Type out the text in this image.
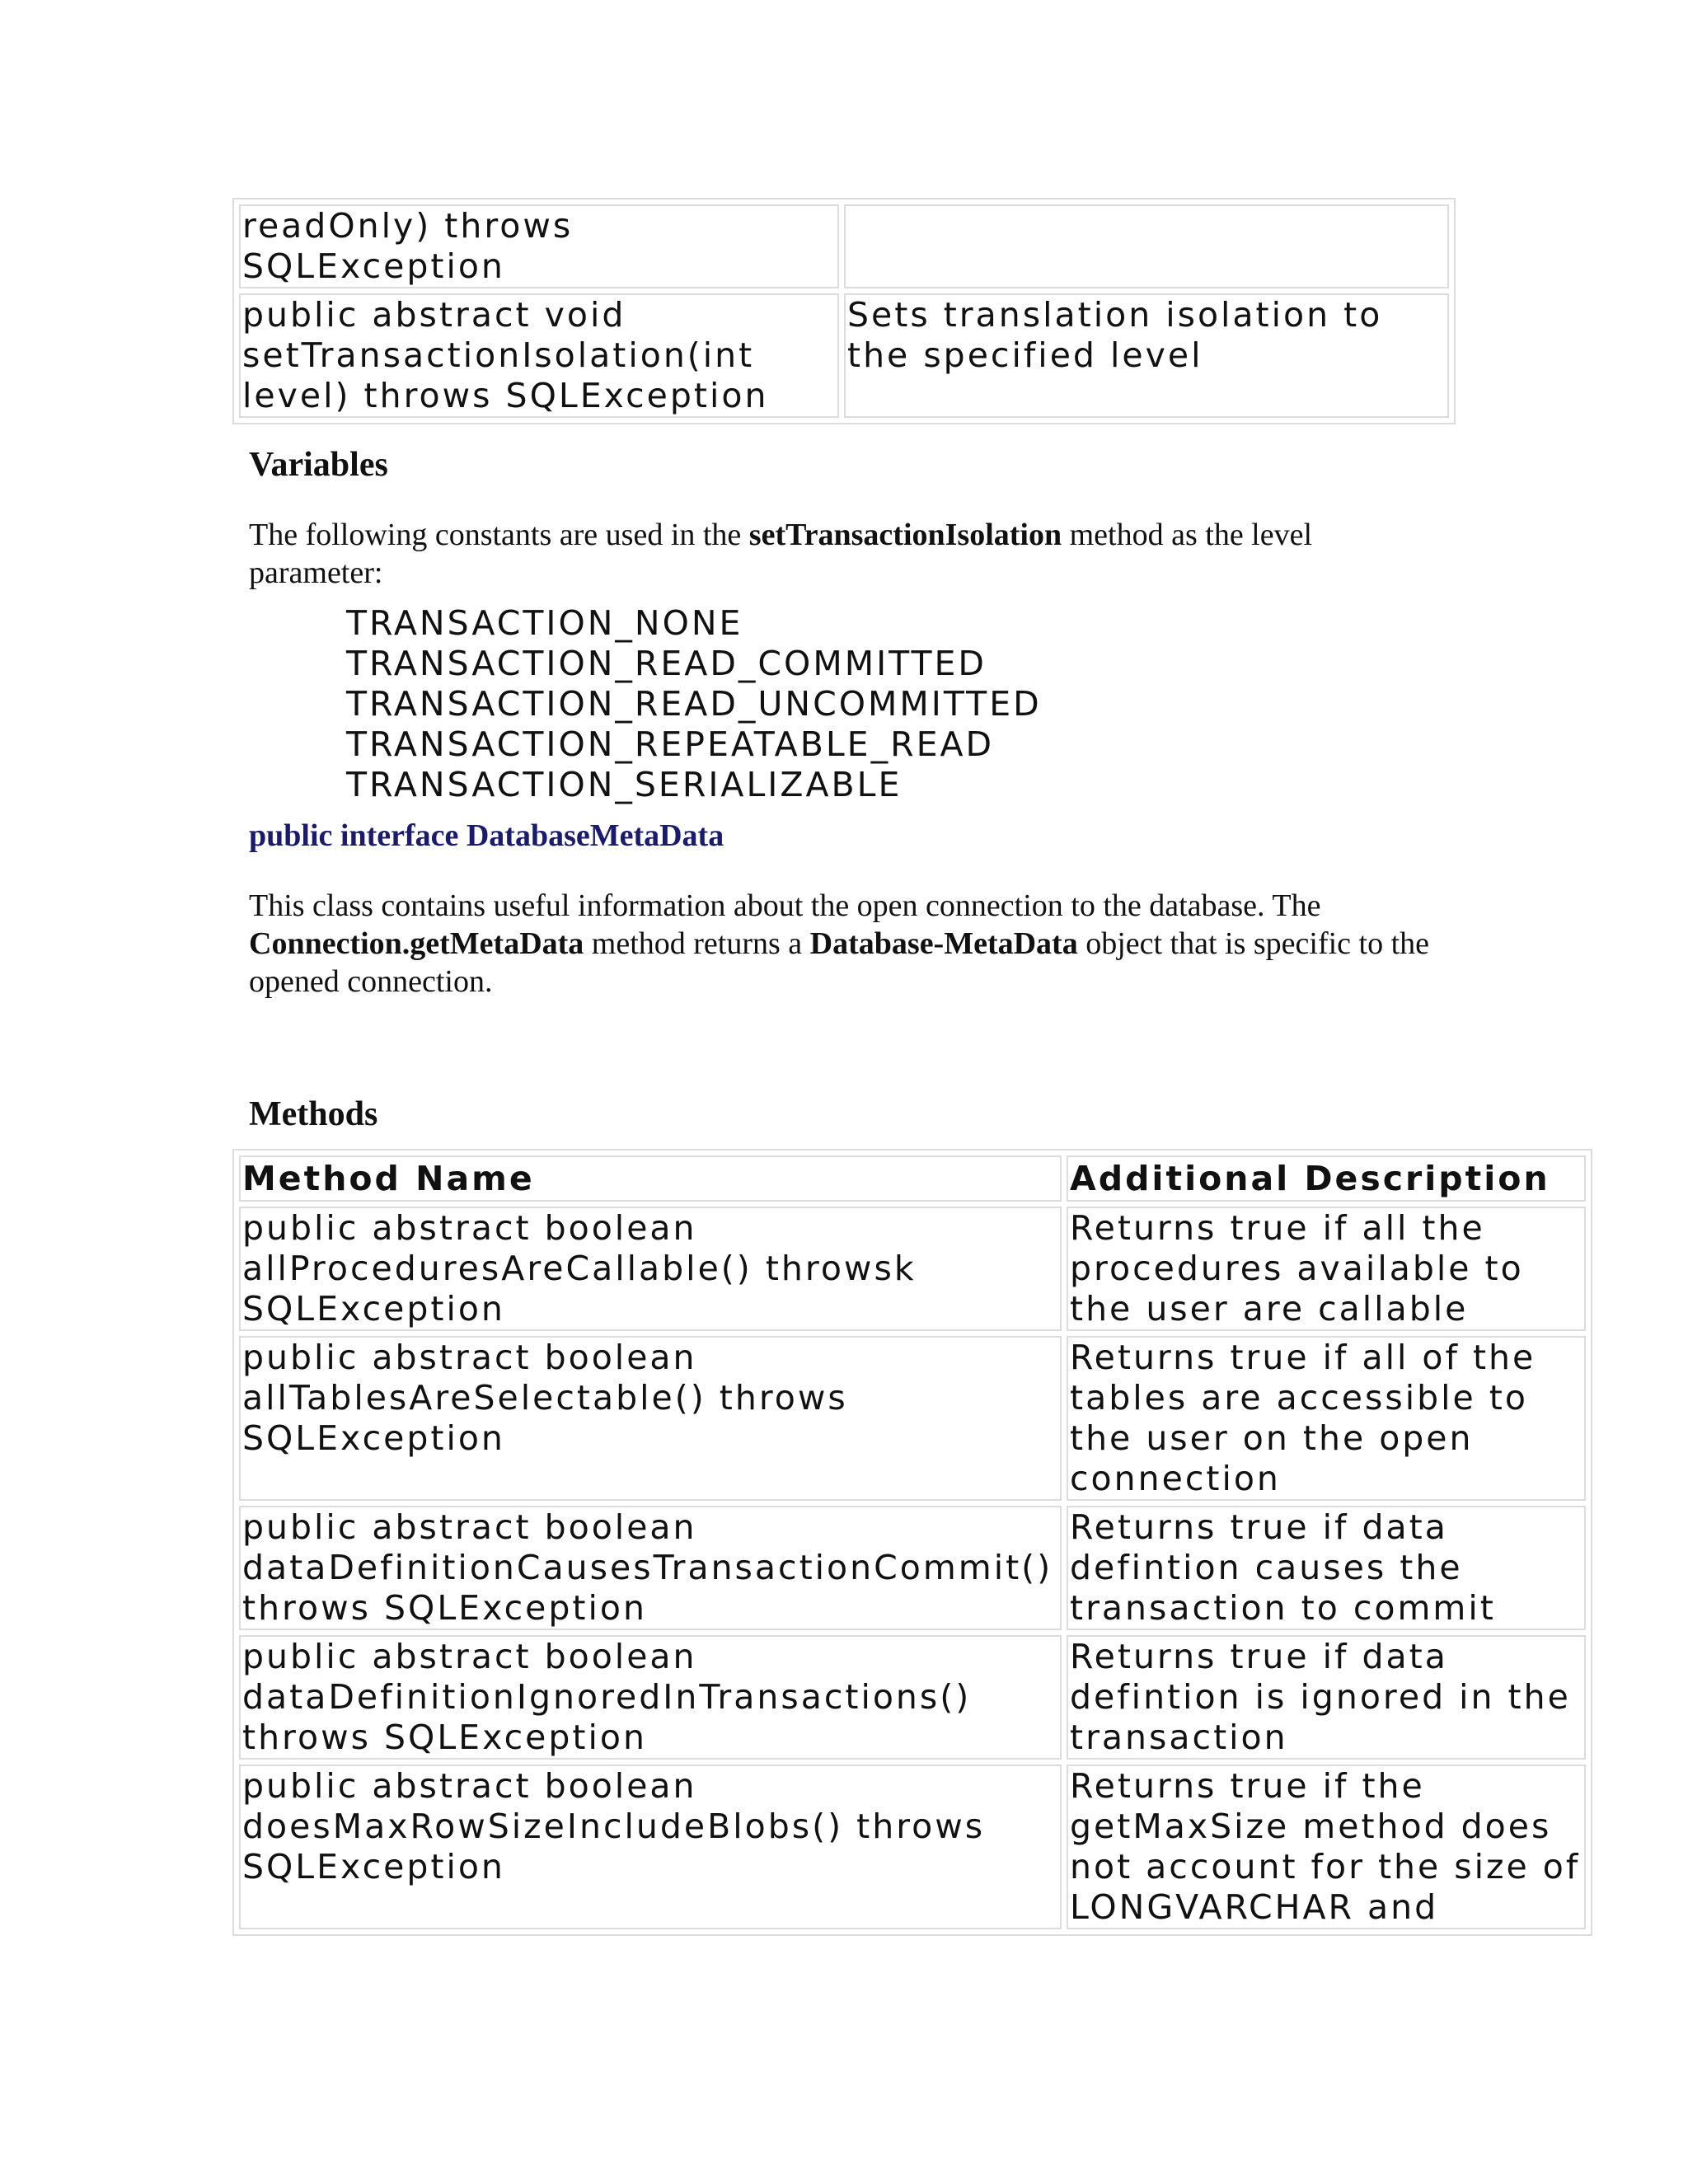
readOnly) throws SQLException	
public abstract void setTransactionIsolation(int level) throws SQLException	Sets translation isolation to the specified level
Variables

The following constants are used in the setTransactionIsolation method as the level parameter:

TRANSACTION_NONE
TRANSACTION_READ_COMMITTED
TRANSACTION_READ_UNCOMMITTED
TRANSACTION_REPEATABLE_READ
TRANSACTION_SERIALIZABLE
public interface DatabaseMetaData

This class contains useful information about the open connection to the database. The Connection.getMetaData method returns a Database-MetaData object that is specific to the opened connection.

Methods
Method Name	Additional Description
public abstract boolean allProceduresAreCallable() throwsk SQLException	Returns true if all the procedures available to the user are callable
public abstract boolean allTablesAreSelectable() throws SQLException	Returns true if all of the tables are accessible to the user on the open connection
public abstract boolean dataDefinitionCausesTransactionCommit() throws SQLException	Returns true if data defintion causes the transaction to commit
public abstract boolean dataDefinitionIgnoredInTransactions() throws SQLException	Returns true if data defintion is ignored in the transaction
public abstract boolean doesMaxRowSizeIncludeBlobs() throws SQLException	Returns true if the getMaxSize method does not account for the size of LONGVARCHAR and
